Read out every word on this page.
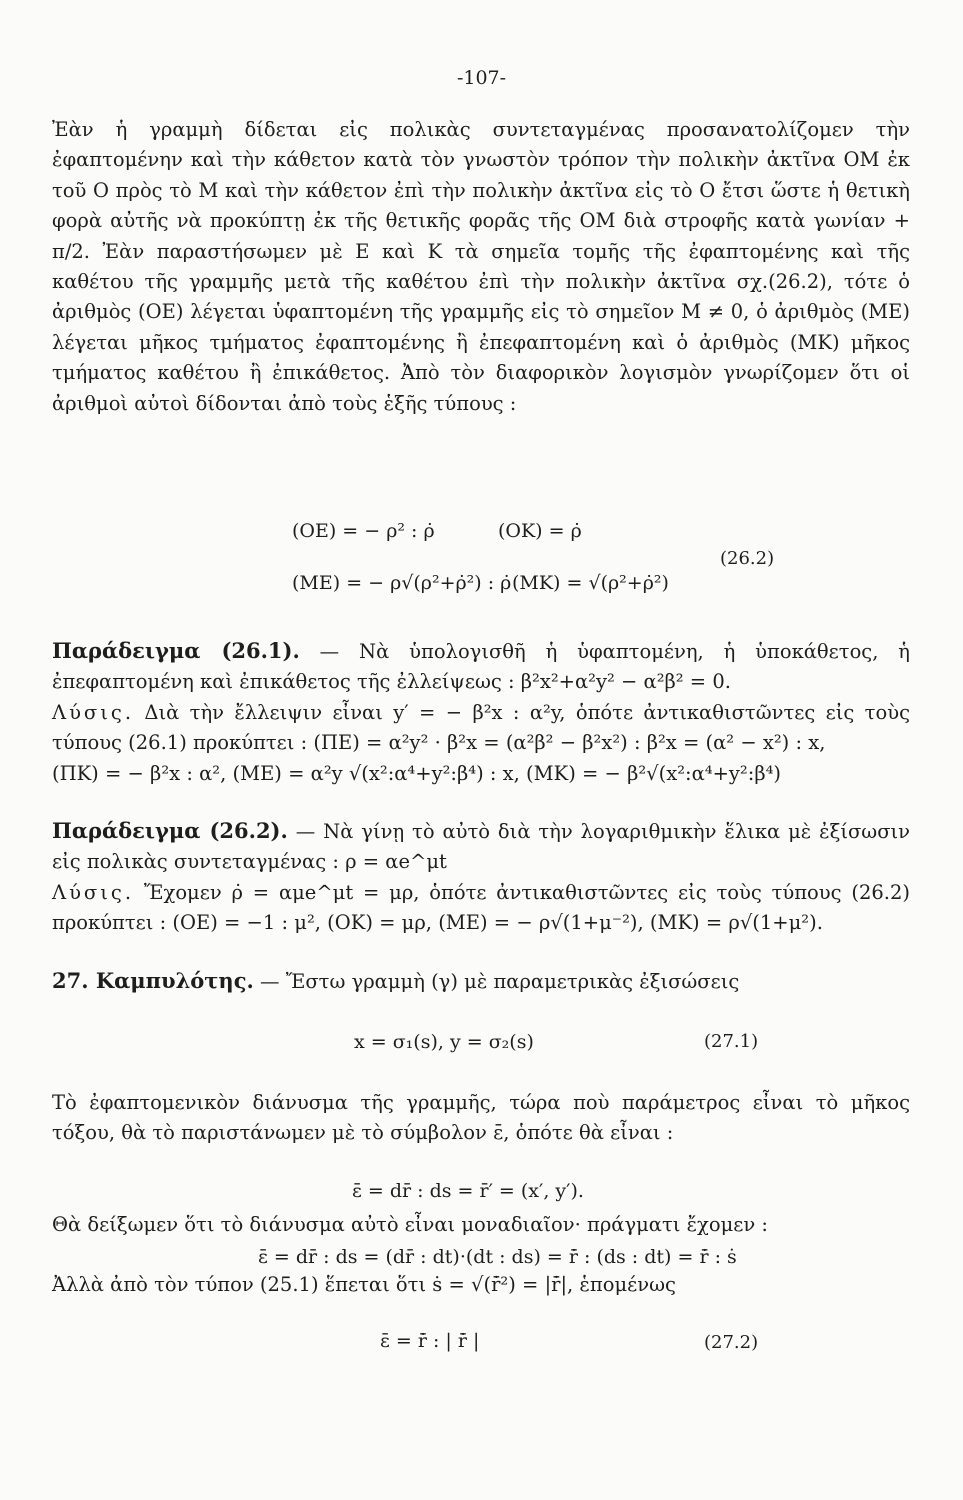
-107-

Ἐὰν ἡ γραμμὴ δίδεται εἰς πολικὰς συντεταγμένας προσανατολίζομεν τὴν ἐφαπτομένην καὶ τὴν κάθετον κατὰ τὸν γνωστὸν τρόπον τὴν πολικὴν ἀκτῖνα ΟΜ ἐκ τοῦ Ο πρὸς τὸ Μ καὶ τὴν κάθετον ἐπὶ τὴν πολικὴν ἀκτῖνα εἰς τὸ Ο ἔτσι ὥστε ἡ θετικὴ φορὰ αὐτῆς νὰ προκύπτῃ ἐκ τῆς θετικῆς φορᾶς τῆς ΟΜ διὰ στροφῆς κατὰ γωνίαν + π/2. Ἐὰν παραστήσωμεν μὲ Ε καὶ Κ τὰ σημεῖα τομῆς τῆς ἐφαπτομένης καὶ τῆς καθέτου τῆς γραμμῆς μετὰ τῆς καθέτου ἐπὶ τὴν πολικὴν ἀκτῖνα σχ.(26.2), τότε ὁ ἀριθμὸς (ΟΕ) λέγεται ὑφαπτομένη τῆς γραμμῆς εἰς τὸ σημεῖον Μ ≠ 0, ὁ ἀριθμὸς (ΜΕ) λέγεται μῆκος τμήματος ἐφαπτομένης ἢ ἐπεφαπτομένη καὶ ὁ ἀριθμὸς (ΜΚ) μῆκος τμήματος καθέτου ἢ ἐπικάθετος. Ἀπὸ τὸν διαφορικὸν λογισμὸν γνωρίζομεν ὅτι οἱ ἀριθμοὶ αὐτοὶ δίδονται ἀπὸ τοὺς ἑξῆς τύπους :

(ΟΕ) = − ρ² : ρ̇	(ΟΚ) = ρ̇
(ΜΕ) = − ρ√(ρ²+ρ̇²) : ρ̇ (ΜΚ) = √(ρ²+ρ̇²)
(26.2)

Παράδειγμα (26.1). — Νὰ ὑπολογισθῆ ἡ ὑφαπτομένη, ἡ ὑποκάθετος, ἡ ἐπεφαπτομένη καὶ ἐπικάθετος τῆς ἐλλείψεως : β²x²+α²y² − α²β² = 0.

Λύσις. Διὰ τὴν ἔλλειψιν εἶναι y′ = − β²x : α²y, ὁπότε ἀντικαθιστῶντες εἰς τοὺς τύπους (26.1) προκύπτει : (ΠΕ) = α²y² · β²x = (α²β² − β²x²) : β²x = (α² − x²) : x,

(ΠΚ) = − β²x : α², (ΜΕ) = α²y √(x²:α⁴+y²:β⁴) : x, (ΜΚ) = − β²√(x²:α⁴+y²:β⁴)

Παράδειγμα (26.2). — Νὰ γίνῃ τὸ αὐτὸ διὰ τὴν λογαριθμικὴν ἕλικα μὲ ἐξίσωσιν εἰς πολικὰς συντεταγμένας : ρ = αe^μt

Λύσις. Ἔχομεν ρ̇ = αμe^μt = μρ, ὁπότε ἀντικαθιστῶντες εἰς τοὺς τύπους (26.2) προκύπτει : (ΟΕ) = −1 : μ², (ΟΚ) = μρ, (ΜΕ) = − ρ√(1+μ⁻²), (ΜΚ) = ρ√(1+μ²).

27. Καμπυλότης. — Ἔστω γραμμὴ (γ) μὲ παραμετρικὰς ἐξισώσεις

x = σ₁(s), y = σ₂(s)	(27.1)

Τὸ ἐφαπτομενικὸν διάνυσμα τῆς γραμμῆς, τώρα ποὺ παράμετρος εἶναι τὸ μῆκος τόξου, θὰ τὸ παριστάνωμεν μὲ τὸ σύμβολον ε̄, ὁπότε θὰ εἶναι :

ε̄ = dr̄ : ds = r̄′ = (x′, y′).

Θὰ δείξωμεν ὅτι τὸ διάνυσμα αὐτὸ εἶναι μοναδιαῖον· πράγματι ἔχομεν :

ε̄ = dr̄ : ds = (dr̄ : dt)·(dt : ds) = r̄̇ : (ds : dt) = r̄̇ : ṡ

Ἀλλὰ ἀπὸ τὸν τύπον (25.1) ἕπεται ὅτι ṡ = √(r̄̇²) = |r̄̇|, ἑπομένως

ε̄ = r̄̇ : | r̄̇ |	(27.2)
